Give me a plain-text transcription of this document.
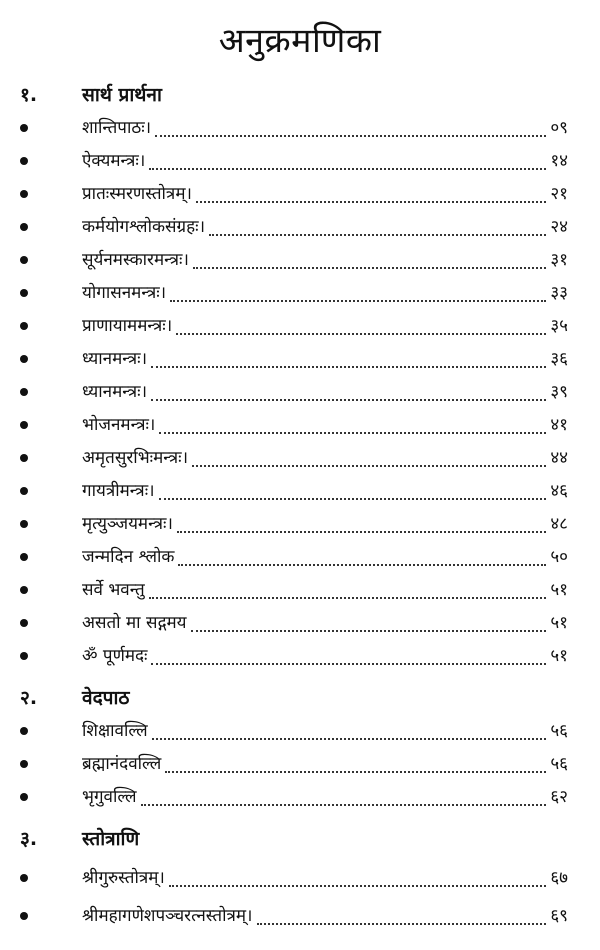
अनुक्रमणिका
१. सार्थ प्रार्थना
शान्तिपाठः।	०९
ऐक्यमन्त्रः।	१४
प्रातःस्मरणस्तोत्रम्।	२१
कर्मयोगश्लोकसंग्रहः।	२४
सूर्यनमस्कारमन्त्रः।	३१
योगासनमन्त्रः।	३३
प्राणायाममन्त्रः।	३५
ध्यानमन्त्रः।	३६
ध्यानमन्त्रः।	३९
भोजनमन्त्रः।	४१
अमृतसुरभिःमन्त्रः।	४४
गायत्रीमन्त्रः।	४६
मृत्युञ्जयमन्त्रः।	४८
जन्मदिन श्लोक	५०
सर्वे भवन्तु	५१
असतो मा सद्गमय	५१
ॐ पूर्णमदः	५१
२. वेदपाठ
शिक्षावल्लि	५६
ब्रह्मानंदवल्लि	५६
भृगुवल्लि	६२
३. स्तोत्राणि
श्रीगुरुस्तोत्रम्।	६७
श्रीमहागणेशपञ्चरत्नस्तोत्रम्।	६९
